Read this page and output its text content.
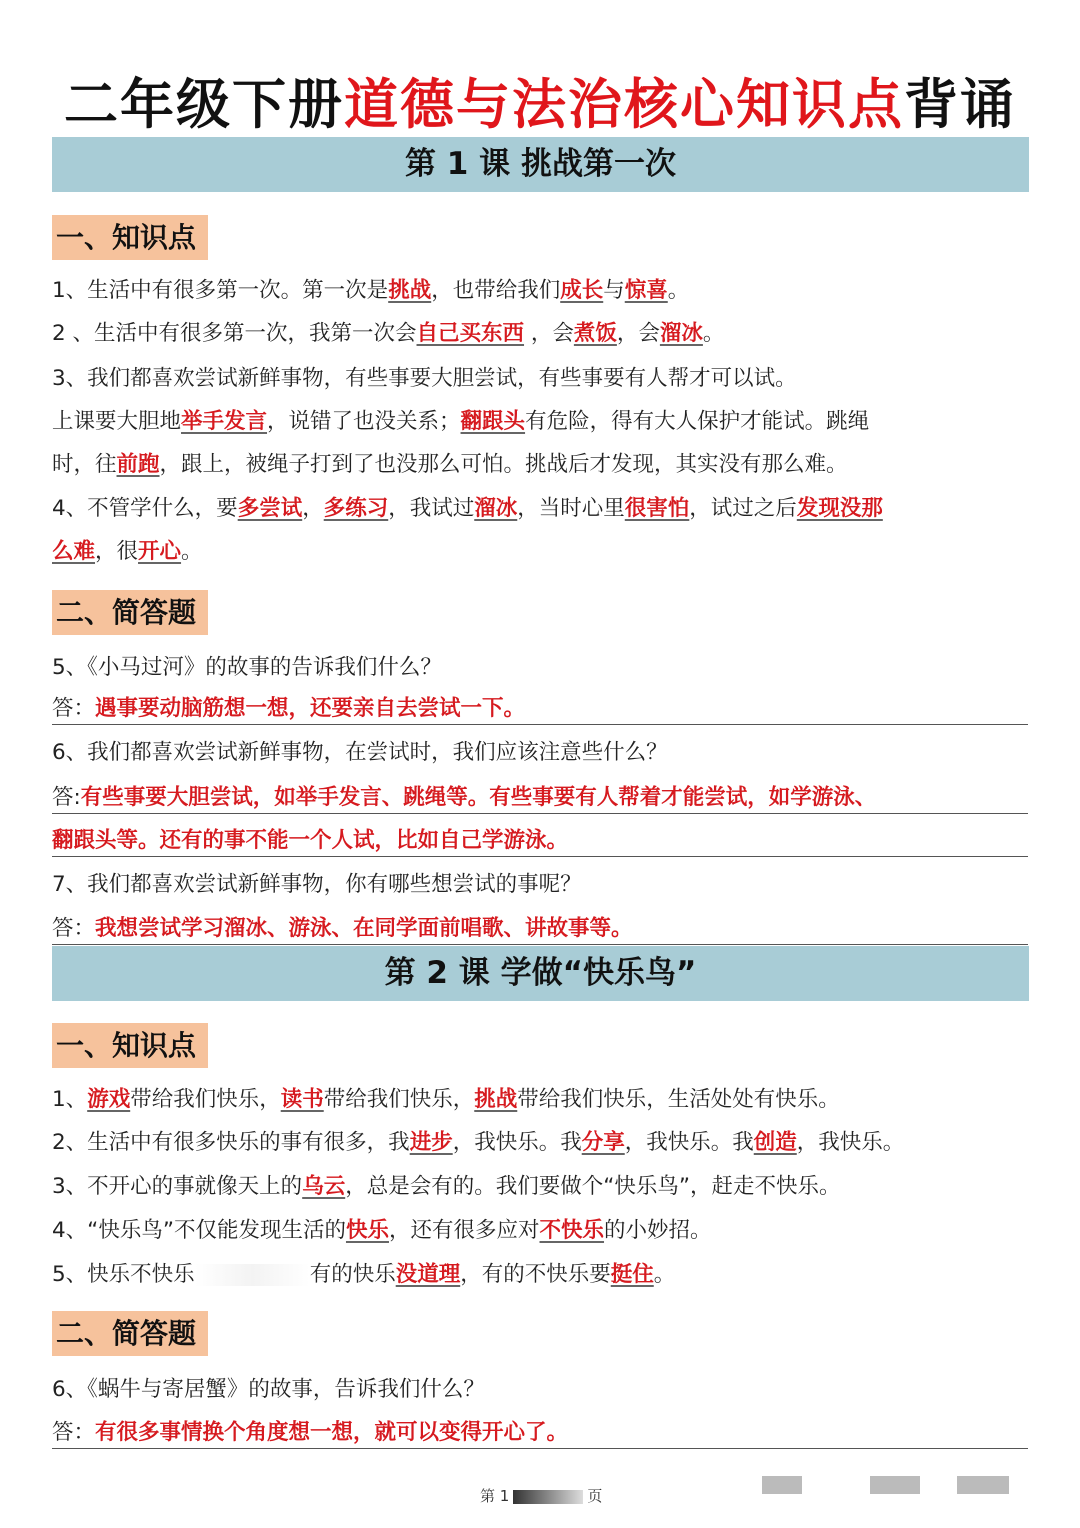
二年级下册道德与法治核心知识点背诵
第 1 课 挑战第一次
一、知识点
1、生活中有很多第一次。第一次是挑战，也带给我们成长与惊喜。
2 、生活中有很多第一次，我第一次会自己买东西 ，会煮饭，会溜冰。
3、我们都喜欢尝试新鲜事物，有些事要大胆尝试，有些事要有人帮才可以试。
上课要大胆地举手发言，说错了也没关系；翻跟头有危险，得有大人保护才能试。跳绳
时，往前跑，跟上，被绳子打到了也没那么可怕。挑战后才发现，其实没有那么难。
4、不管学什么，要多尝试，多练习，我试过溜冰，当时心里很害怕，试过之后发现没那
么难，很开心。
二、简答题
5、《小马过河》的故事的告诉我们什么？
答：遇事要动脑筋想一想，还要亲自去尝试一下。
6、我们都喜欢尝试新鲜事物，在尝试时，我们应该注意些什么？
答:有些事要大胆尝试，如举手发言、跳绳等。有些事要有人帮着才能尝试，如学游泳、
翻跟头等。还有的事不能一个人试，比如自己学游泳。
7、我们都喜欢尝试新鲜事物，你有哪些想尝试的事呢？
答：我想尝试学习溜冰、游泳、在同学面前唱歌、讲故事等。
第 2 课 学做“快乐鸟”
一、知识点
1、游戏带给我们快乐，读书带给我们快乐，挑战带给我们快乐，生活处处有快乐。
2、生活中有很多快乐的事有很多，我进步，我快乐。我分享，我快乐。我创造，我快乐。
3、不开心的事就像天上的乌云，总是会有的。我们要做个“快乐鸟”，赶走不快乐。
4、“快乐鸟”不仅能发现生活的快乐，还有很多应对不快乐的小妙招。
5、快乐不快乐	有的快乐没道理，有的不快乐要挺住。
二、简答题
6、《蜗牛与寄居蟹》的故事，告诉我们什么？
答：有很多事情换个角度想一想，就可以变得开心了。
第 1	页
